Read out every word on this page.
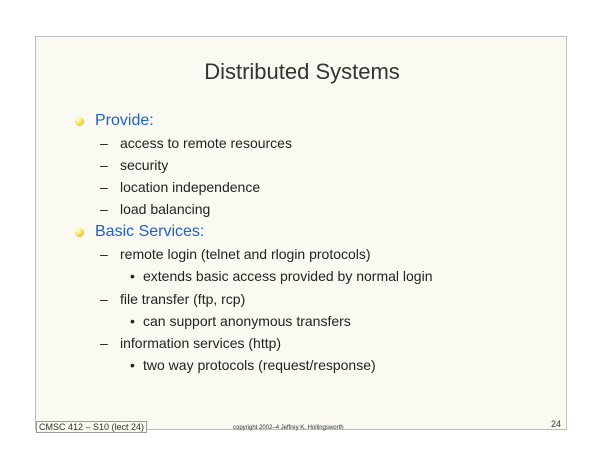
Distributed Systems
Provide:
– access to remote resources
– security
– location independence
– load balancing
Basic Services:
– remote login (telnet and rlogin protocols)
• extends basic access provided by normal login
– file transfer (ftp, rcp)
• can support anonymous transfers
– information services (http)
• two way protocols (request/response)
CMSC 412 – S10 (lect 24)	copyright 2002–4 Jeffrey K. Hollingsworth	24
